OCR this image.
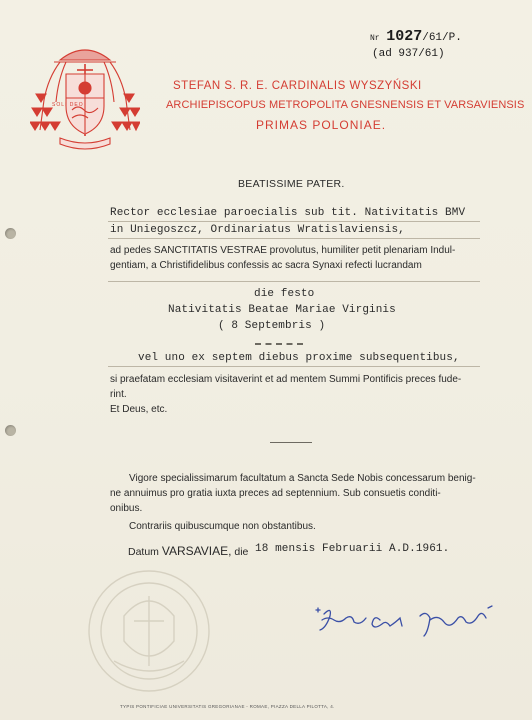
Nr 1027/61/P.
(ad 937/61)
SOLI DEO
STEFAN S. R. E. CARDINALIS WYSZYŃSKI
ARCHIEPISCOPUS METROPOLITA GNESNENSIS ET VARSAVIENSIS
PRIMAS POLONIAE.
BEATISSIME PATER.
Rector ecclesiae paroecialis sub tit. Nativitatis BMV
in Uniegoszcz, Ordinariatus Wratislaviensis,
ad pedes SANCTITATIS VESTRAE provolutus, humiliter petit plenariam Indul-
gentiam, a Christifidelibus confessis ac sacra Synaxi refecti lucrandam
die festo
Nativitatis Beatae Mariae Virginis
( 8 Septembris )
vel uno ex septem diebus proxime subsequentibus,
si praefatam ecclesiam visitaverint et ad mentem Summi Pontificis preces fude-
rint.
Et Deus, etc.
Vigore specialissimarum facultatum a Sancta Sede Nobis concessarum benig-
ne annuimus pro gratia iuxta preces ad septennium. Sub consuetis conditi-
onibus.
Contrariis quibuscumque non obstantibus.
Datum VARSAVIAE, die 18 mensis Februarii A.D.1961.
TYPIS PONTIFICIAE UNIVERSITATIS GREGORIANAE - ROMAE, PIAZZA DELLA PILOTTA, 4.
